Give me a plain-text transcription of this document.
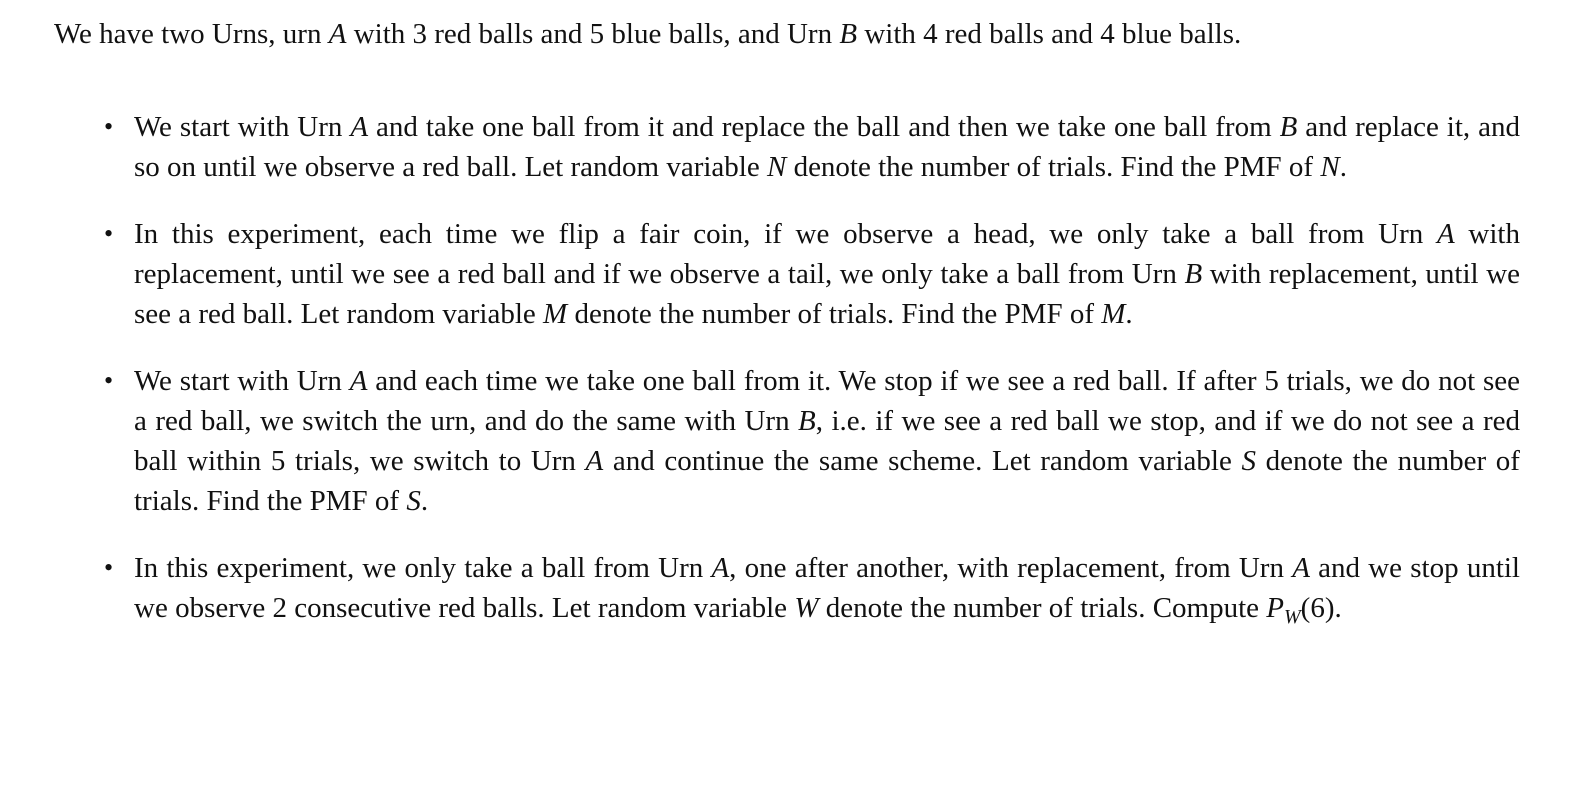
We have two Urns, urn A with 3 red balls and 5 blue balls, and Urn B with 4 red balls and 4 blue balls.

• We start with Urn A and take one ball from it and replace the ball and then we take one ball from B and replace it, and so on until we observe a red ball. Let random variable N denote the number of trials. Find the PMF of N.
• In this experiment, each time we flip a fair coin, if we observe a head, we only take a ball from Urn A with replacement, until we see a red ball and if we observe a tail, we only take a ball from Urn B with replacement, until we see a red ball. Let random variable M denote the number of trials. Find the PMF of M.
• We start with Urn A and each time we take one ball from it. We stop if we see a red ball. If after 5 trials, we do not see a red ball, we switch the urn, and do the same with Urn B, i.e. if we see a red ball we stop, and if we do not see a red ball within 5 trials, we switch to Urn A and continue the same scheme. Let random variable S denote the number of trials. Find the PMF of S.
• In this experiment, we only take a ball from Urn A, one after another, with replacement, from Urn A and we stop until we observe 2 consecutive red balls. Let random variable W denote the number of trials. Compute $P_W(6)$.
